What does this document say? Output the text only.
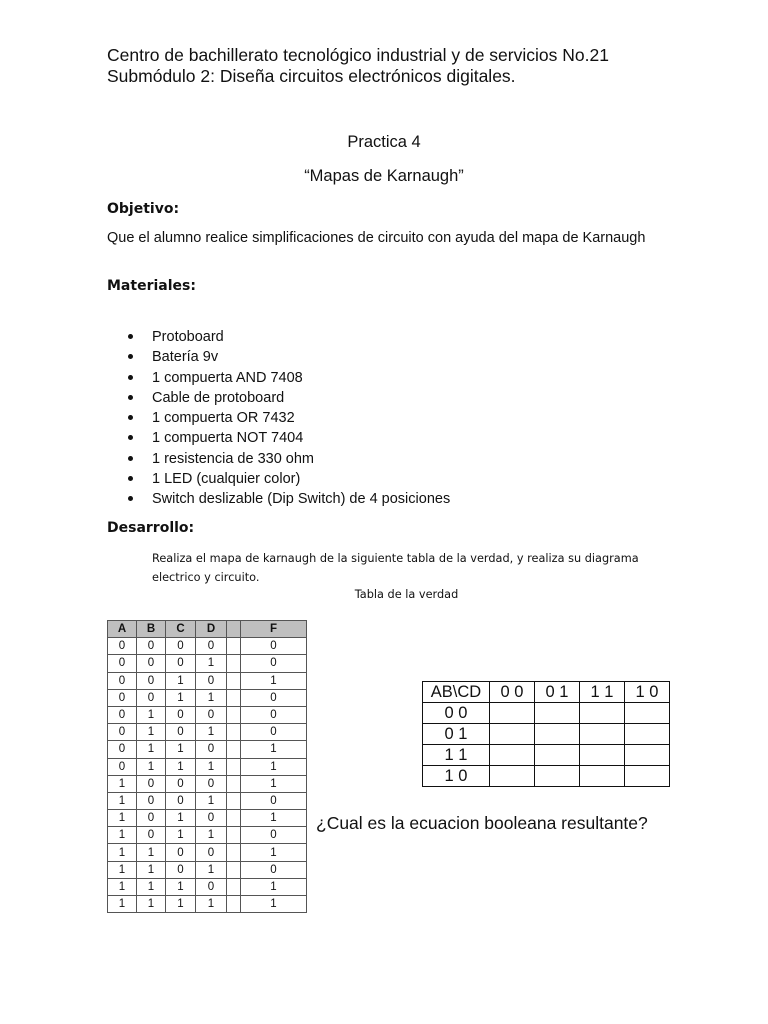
Centro de bachillerato tecnológico industrial y de servicios No.21
Submódulo 2: Diseña circuitos electrónicos digitales.
Practica 4
“Mapas de Karnaugh”
Objetivo:
Que el alumno realice simplificaciones de circuito con ayuda del mapa de Karnaugh
Materiales:
Protoboard
Batería 9v
1 compuerta AND 7408
Cable de protoboard
1 compuerta OR 7432
1 compuerta NOT 7404
1 resistencia de 330 ohm
1 LED (cualquier color)
Switch deslizable (Dip Switch) de 4 posiciones
Desarrollo:
Realiza el mapa de karnaugh de la siguiente tabla de la verdad, y realiza su diagrama electrico y circuito.
Tabla de la verdad
A	B	C	D		F
0	0	0	0		0
0	0	0	1		0
0	0	1	0		1
0	0	1	1		0
0	1	0	0		0
0	1	0	1		0
0	1	1	0		1
0	1	1	1		1
1	0	0	0		1
1	0	0	1		0
1	0	1	0		1
1	0	1	1		0
1	1	0	0		1
1	1	0	1		0
1	1	1	0		1
1	1	1	1		1
AB\CD	0 0	0 1	1 1	1 0
0 0				
0 1				
1 1				
1 0				
¿Cual es la ecuacion booleana resultante?
